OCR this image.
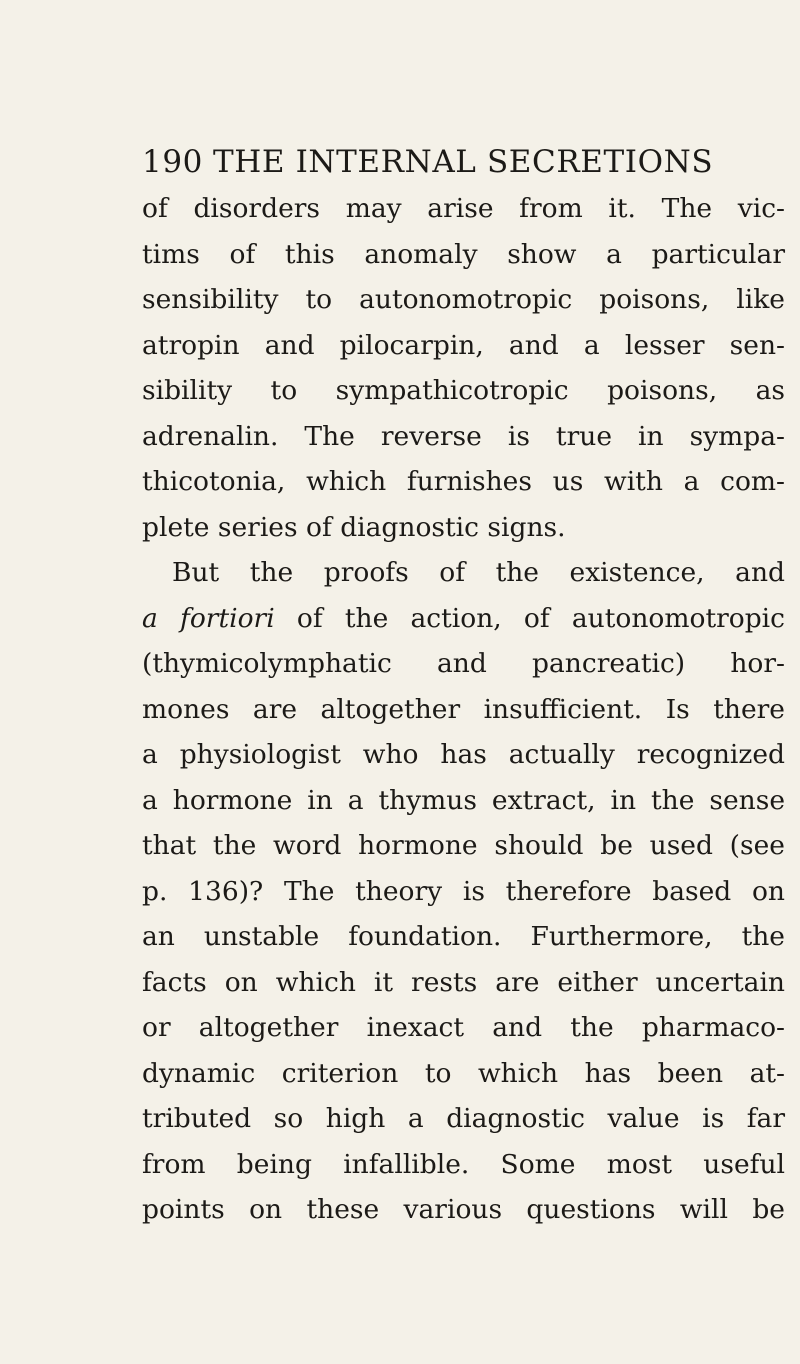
190 THE INTERNAL SECRETIONS
of disorders may arise from it. The vic-
tims of this anomaly show a particular
sensibility to autonomotropic poisons, like
atropin and pilocarpin, and a lesser sen-
sibility to sympathicotropic poisons, as
adrenalin. The reverse is true in sympa-
thicotonia, which furnishes us with a com-
plete series of diagnostic signs.
But the proofs of the existence, and
a fortiori of the action, of autonomotropic
(thymicolymphatic and pancreatic) hor-
mones are altogether insufficient. Is there
a physiologist who has actually recognized
a hormone in a thymus extract, in the sense
that the word hormone should be used (see
p. 136)? The theory is therefore based on
an unstable foundation. Furthermore, the
facts on which it rests are either uncertain
or altogether inexact and the pharmaco-
dynamic criterion to which has been at-
tributed so high a diagnostic value is far
from being infallible. Some most useful
points on these various questions will be
